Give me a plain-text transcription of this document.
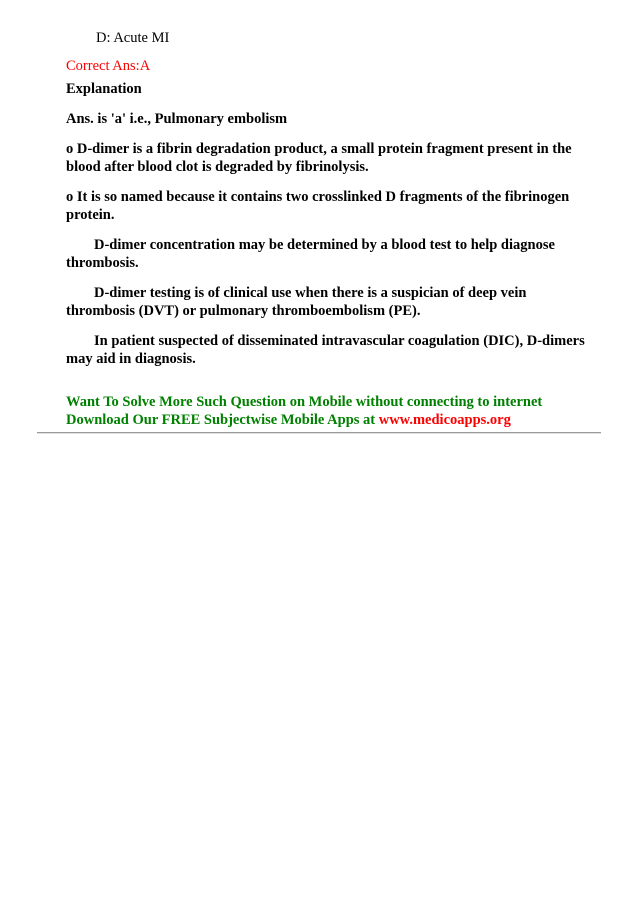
D: Acute MI

Correct Ans:A

Explanation

Ans. is 'a' i.e., Pulmonary embolism

o D-dimer is a fibrin degradation product, a small protein fragment present in the blood after blood clot is degraded by fibrinolysis.

o It is so named because it contains two crosslinked D fragments of the fibrinogen protein.

D-dimer concentration may be determined by a blood test to help diagnose thrombosis.

D-dimer testing is of clinical use when there is a suspician of deep vein thrombosis (DVT) or pulmonary thromboembolism (PE).

In patient suspected of disseminated intravascular coagulation (DIC), D-dimers may aid in diagnosis.

Want To Solve More Such Question on Mobile without connecting to internet
Download Our FREE Subjectwise Mobile Apps at www.medicoapps.org
